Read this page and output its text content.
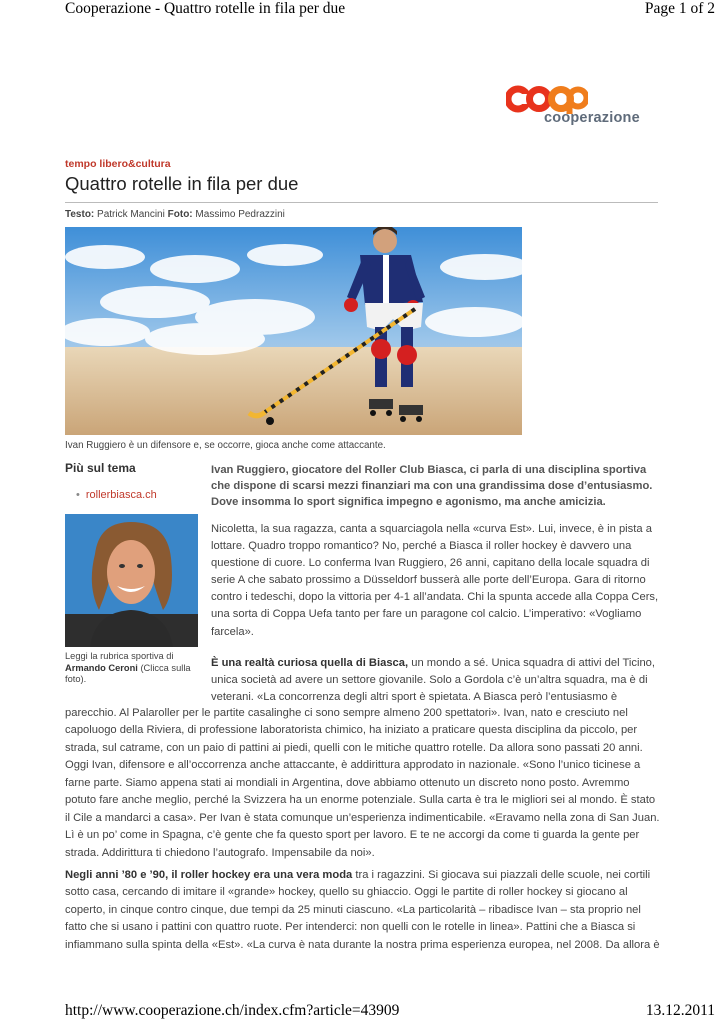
Cooperazione - Quattro rotelle in fila per due	Page 1 of 2
cooperazione
tempo libero&cultura
Quattro rotelle in fila per due
Testo: Patrick Mancini Foto: Massimo Pedrazzini
Ivan Ruggiero è un difensore e, se occorre, gioca anche come attaccante.
Più sul tema
• rollerbiasca.ch
Leggi la rubrica sportiva di Armando Ceroni (Clicca sulla foto).
Ivan Ruggiero, giocatore del Roller Club Biasca, ci parla di una disciplina sportiva che dispone di scarsi mezzi finanziari ma con una grandissima dose d’entusiasmo. Dove insomma lo sport significa impegno e agonismo, ma anche amicizia.
Nicoletta, la sua ragazza, canta a squarciagola nella «curva Est». Lui, invece, è in pista a lottare. Quadro troppo romantico? No, perché a Biasca il roller hockey è davvero una questione di cuore. Lo conferma Ivan Ruggiero, 26 anni, capitano della locale squadra di serie A che sabato prossimo a Düsseldorf busserà alle porte dell’Europa. Gara di ritorno contro i tedeschi, dopo la vittoria per 4-1 all’andata. Chi la spunta accede alla Coppa Cers, una sorta di Coppa Uefa tanto per fare un paragone col calcio. L’imperativo: «Vogliamo farcela».
È una realtà curiosa quella di Biasca, un mondo a sé. Unica squadra di attivi del Ticino, unica società ad avere un settore giovanile. Solo a Gordola c’è un’altra squadra, ma è di veterani. «La concorrenza degli altri sport è spietata. A Biasca però l’entusiasmo è
parecchio. Al Palaroller per le partite casalinghe ci sono sempre almeno 200 spettatori». Ivan, nato e cresciuto nel capoluogo della Riviera, di professione laboratorista chimico, ha iniziato a praticare questa disciplina da piccolo, per strada, sul catrame, con un paio di pattini ai piedi, quelli con le mitiche quattro rotelle. Da allora sono passati 20 anni. Oggi Ivan, difensore e all’occorrenza anche attaccante, è addirittura approdato in nazionale. «Sono l’unico ticinese a farne parte. Siamo appena stati ai mondiali in Argentina, dove abbiamo ottenuto un discreto nono posto. Avremmo potuto fare anche meglio, perché la Svizzera ha un enorme potenziale. Sulla carta è tra le migliori sei al mondo. È stato il Cile a mandarci a casa». Per Ivan è stata comunque un’esperienza indimenticabile. «Eravamo nella zona di San Juan. Lì è un po’ come in Spagna, c’è gente che fa questo sport per lavoro. E te ne accorgi da come ti guarda la gente per strada. Addirittura ti chiedono l’autografo. Impensabile da noi».
Negli anni ’80 e ’90, il roller hockey era una vera moda tra i ragazzini. Si giocava sui piazzali delle scuole, nei cortili sotto casa, cercando di imitare il «grande» hockey, quello su ghiaccio. Oggi le partite di roller hockey si giocano al coperto, in cinque contro cinque, due tempi da 25 minuti ciascuno. «La particolarità – ribadisce Ivan – sta proprio nel fatto che si usano i pattini con quattro ruote. Per intenderci: non quelli con le rotelle in linea». Pattini che a Biasca si infiammano sulla spinta della «Est». «La curva è nata durante la nostra prima esperienza europea, nel 2008. Da allora è
http://www.cooperazione.ch/index.cfm?article=43909	13.12.2011
